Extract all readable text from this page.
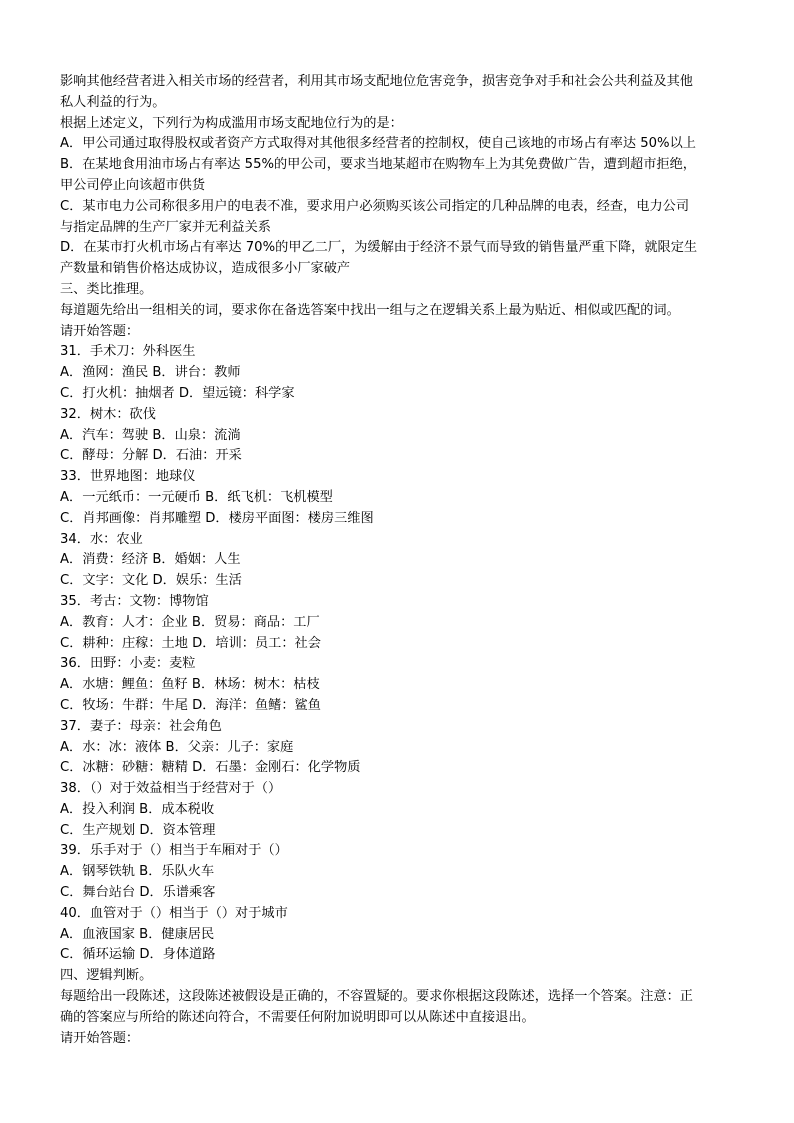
影响其他经营者进入相关市场的经营者，利用其市场支配地位危害竞争，损害竞争对手和社会公共利益及其他
私人利益的行为。
根据上述定义，下列行为构成滥用市场支配地位行为的是：
A．甲公司通过取得股权或者资产方式取得对其他很多经营者的控制权，使自己该地的市场占有率达 50%以上
B．在某地食用油市场占有率达 55%的甲公司，要求当地某超市在购物车上为其免费做广告，遭到超市拒绝，
甲公司停止向该超市供货
C．某市电力公司称很多用户的电表不准，要求用户必须购买该公司指定的几种品牌的电表，经查，电力公司
与指定品牌的生产厂家并无利益关系
D．在某市打火机市场占有率达 70%的甲乙二厂，为缓解由于经济不景气而导致的销售量严重下降，就限定生
产数量和销售价格达成协议，造成很多小厂家破产
三、类比推理。
每道题先给出一组相关的词，要求你在备选答案中找出一组与之在逻辑关系上最为贴近、相似或匹配的词。
请开始答题：
31．手术刀：外科医生
A．渔网：渔民 B．讲台：教师
C．打火机：抽烟者 D．望远镜：科学家
32．树木：砍伐
A．汽车：驾驶 B．山泉：流淌
C．酵母：分解 D．石油：开采
33．世界地图：地球仪
A．一元纸币：一元硬币 B．纸飞机：飞机模型
C．肖邦画像：肖邦雕塑 D．楼房平面图：楼房三维图
34．水：农业
A．消费：经济 B．婚姻：人生
C．文字：文化 D．娱乐：生活
35．考古：文物：博物馆
A．教育：人才：企业 B．贸易：商品：工厂
C．耕种：庄稼：土地 D．培训：员工：社会
36．田野：小麦：麦粒
A．水塘：鲤鱼：鱼籽 B．林场：树木：枯枝
C．牧场：牛群：牛尾 D．海洋：鱼鳍：鲨鱼
37．妻子：母亲：社会角色
A．水：冰：液体 B．父亲：儿子：家庭
C．冰糖：砂糖：糖精 D．石墨：金刚石：化学物质
38．（）对于效益相当于经营对于（）
A．投入利润 B．成本税收
C．生产规划 D．资本管理
39．乐手对于（）相当于车厢对于（）
A．钢琴铁轨 B．乐队火车
C．舞台站台 D．乐谱乘客
40．血管对于（）相当于（）对于城市
A．血液国家 B．健康居民
C．循环运输 D．身体道路
四、逻辑判断。
每题给出一段陈述，这段陈述被假设是正确的，不容置疑的。要求你根据这段陈述，选择一个答案。注意：正
确的答案应与所给的陈述向符合，不需要任何附加说明即可以从陈述中直接退出。
请开始答题：
